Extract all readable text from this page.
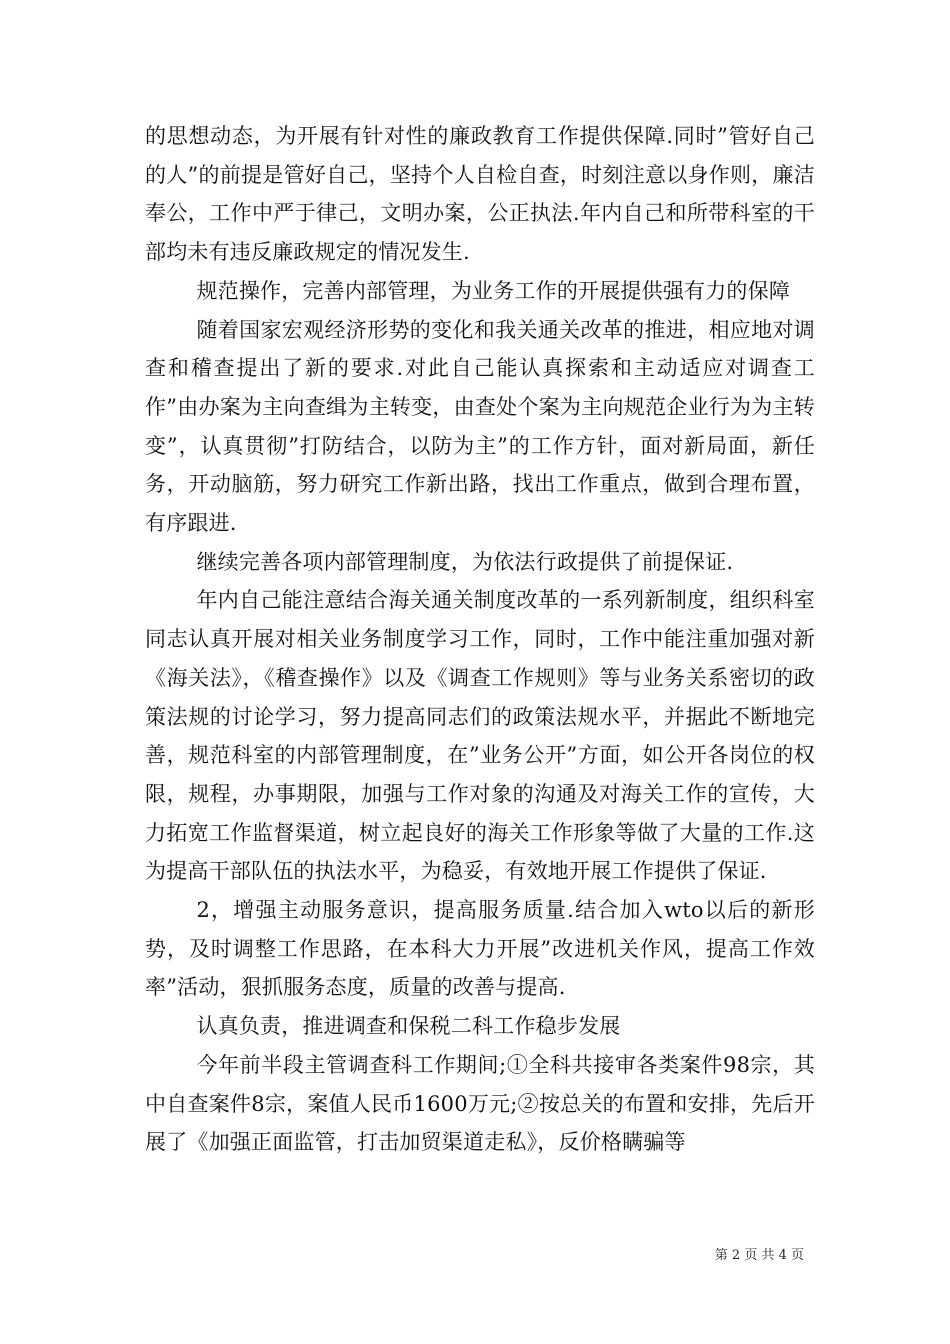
的思想动态，为开展有针对性的廉政教育工作提供保障.同时”管好自己的人”的前提是管好自己，坚持个人自检自查，时刻注意以身作则，廉洁奉公，工作中严于律己，文明办案，公正执法.年内自己和所带科室的干部均未有违反廉政规定的情况发生.

规范操作，完善内部管理，为业务工作的开展提供强有力的保障

随着国家宏观经济形势的变化和我关通关改革的推进，相应地对调查和稽查提出了新的要求.对此自己能认真探索和主动适应对调查工作”由办案为主向查缉为主转变，由查处个案为主向规范企业行为为主转变”，认真贯彻”打防结合，以防为主”的工作方针，面对新局面，新任务，开动脑筋，努力研究工作新出路，找出工作重点，做到合理布置，有序跟进.

继续完善各项内部管理制度，为依法行政提供了前提保证.

年内自己能注意结合海关通关制度改革的一系列新制度，组织科室同志认真开展对相关业务制度学习工作，同时，工作中能注重加强对新《海关法》，《稽查操作》以及《调查工作规则》等与业务关系密切的政策法规的讨论学习，努力提高同志们的政策法规水平，并据此不断地完善，规范科室的内部管理制度，在”业务公开”方面，如公开各岗位的权限，规程，办事期限，加强与工作对象的沟通及对海关工作的宣传，大力拓宽工作监督渠道，树立起良好的海关工作形象等做了大量的工作.这为提高干部队伍的执法水平，为稳妥，有效地开展工作提供了保证.

2，增强主动服务意识，提高服务质量.结合加入wto以后的新形势，及时调整工作思路，在本科大力开展”改进机关作风，提高工作效率”活动，狠抓服务态度，质量的改善与提高.

认真负责，推进调查和保税二科工作稳步发展

今年前半段主管调查科工作期间;①全科共接审各类案件98宗，其中自查案件8宗，案值人民币1600万元;②按总关的布置和安排，先后开展了《加强正面监管，打击加贸渠道走私》，反价格瞒骗等

第 2 页 共 4 页
